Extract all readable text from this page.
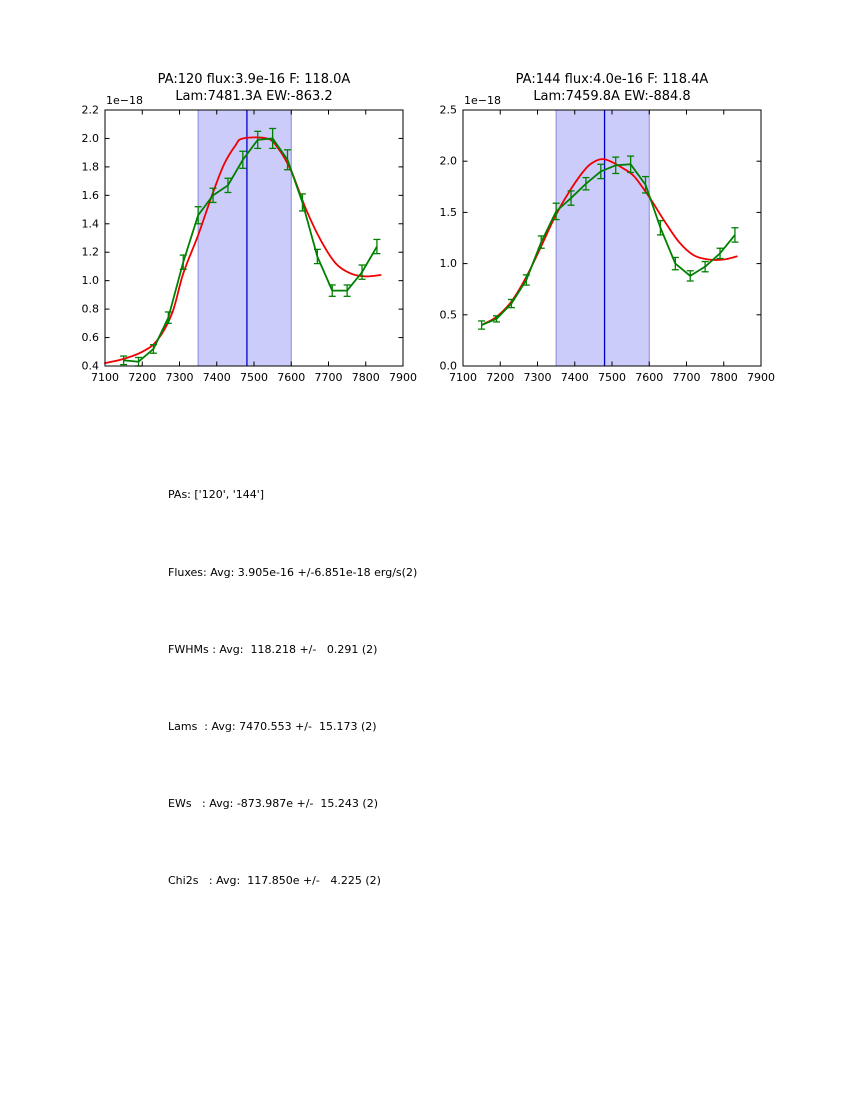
PA:120 flux:3.9e-16 F: 118.0A
Lam:7481.3A EW:-863.2
PA:144 flux:4.0e-16 F: 118.4A
Lam:7459.8A EW:-884.8
1e−18	1e−18
7100 7200 7300 7400 7500 7600 7700 7800 7900
0.4
0.6
0.8
1.0
1.2
1.4
1.6
1.8
2.0
2.2
7100 7200 7300 7400 7500 7600 7700 7800 7900
0.0
0.5
1.0
1.5
2.0
2.5

PAs: ['120', '144']

Fluxes: Avg: 3.905e-16 +/-6.851e-18 erg/s(2)

FWHMs : Avg:  118.218 +/-   0.291 (2)

Lams  : Avg: 7470.553 +/-  15.173 (2)

EWs   : Avg: -873.987e +/-  15.243 (2)

Chi2s   : Avg:  117.850e +/-   4.225 (2)
